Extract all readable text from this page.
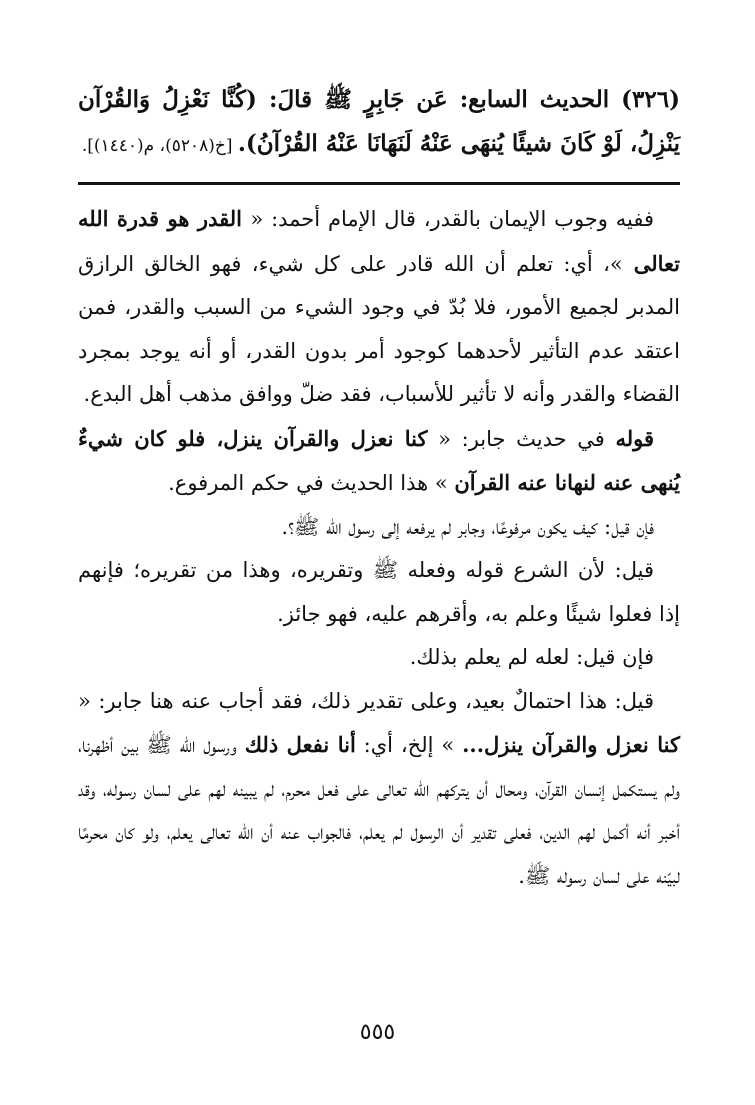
(٣٢٦) الحديث السابع: عَن جَابِرٍ ﷺ قالَ: (كُنَّا نَعْزِلُ وَالقُرْآن يَنْزِلُ، لَوْ كَانَ شيئًا يُنهَى عَنْهُ لَنَهَانَا عَنْهُ القُرْآنُ). [خ(٥٢٠٨)، م(١٤٤٠)].

ففيه وجوب الإيمان بالقدر، قال الإمام أحمد: « القدر هو قدرة الله تعالى »، أي: تعلم أن الله قادر على كل شيء، فهو الخالق الرازق المدبر لجميع الأمور، فلا بُدّ في وجود الشيء من السبب والقدر، فمن اعتقد عدم التأثير لأحدهما كوجود أمر بدون القدر، أو أنه يوجد بمجرد القضاء والقدر وأنه لا تأثير للأسباب، فقد ضلّ ووافق مذهب أهل البدع.

قوله في حديث جابر: « كنا نعزل والقرآن ينزل، فلو كان شيءٌ يُنهى عنه لنهانا عنه القرآن » هذا الحديث في حكم المرفوع.

فإن قيل: كيف يكون مرفوعًا، وجابر لم يرفعه إلى رسول الله ﷺ؟.

قيل: لأن الشرع قوله وفعله ﷺ وتقريره، وهذا من تقريره؛ فإنهم إذا فعلوا شيئًا وعلم به، وأقرهم عليه، فهو جائز.

فإن قيل: لعله لم يعلم بذلك.

قيل: هذا احتمالٌ بعيد، وعلى تقدير ذلك، فقد أجاب عنه هنا جابر: « كنا نعزل والقرآن ينزل... » إلخ، أي: أنا نفعل ذلك ورسول الله ﷺ بين أظهرنا، ولم يستكمل إنسان القرآن، ومحال أن يتركهم الله تعالى على فعل محرم، لم يبينه لهم على لسان رسوله، وقد أخبر أنه أكمل لهم الدين، فعلى تقدير أن الرسول لم يعلم، فالجواب عنه أن الله تعالى يعلم، ولو كان محرمًا لبيّنه على لسان رسوله ﷺ.

٥٥٥
